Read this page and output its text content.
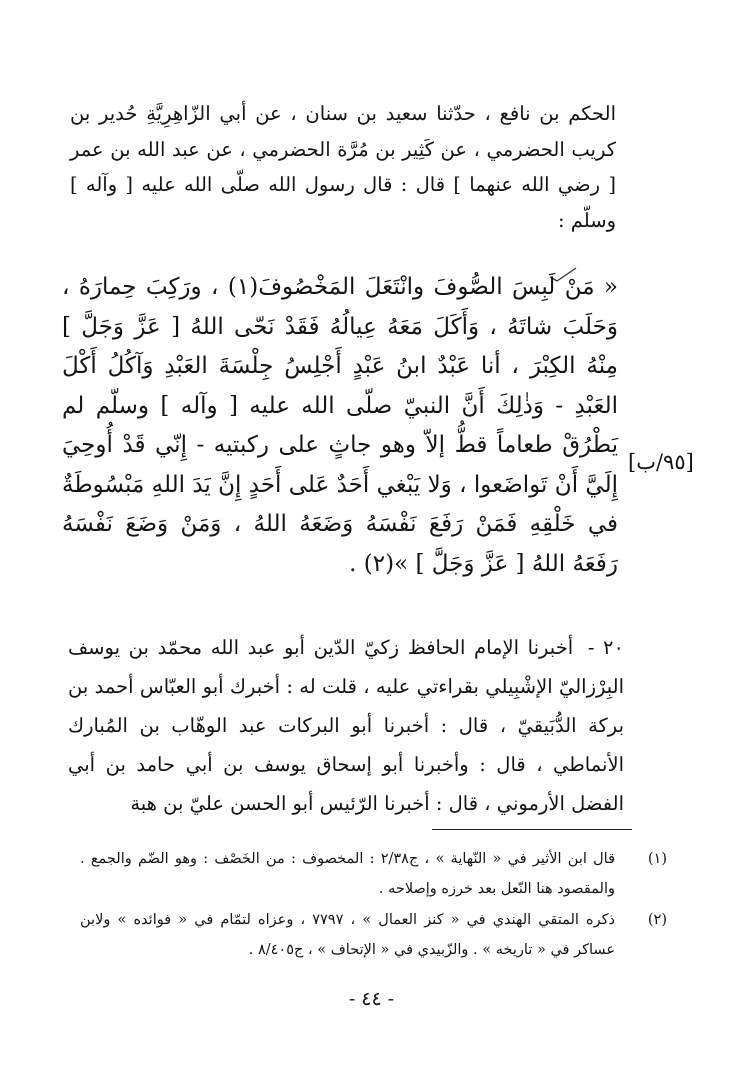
الحكم بن نافع ، حدّثنا سعيد بن سنان ، عن أبي الزّاهِرِيَّةِ حُدير بن كريب الحضرمي ، عن كَثِير بن مُرَّة الحضرمي ، عن عبد الله بن عمر [ رضي الله عنهما ] قال : قال رسول الله صلّى الله عليه [ وآله ] وسلّم :

« مَنْ لَبِسَ الصُّوفَ وانْتَعَلَ المَخْصُوفَ(١) ، ورَكِبَ حِمارَهُ ، وَحَلَبَ شاتَهُ ، وَأَكَلَ مَعَهُ عِيالُهُ فَقَدْ نَحّى اللهُ [ عَزَّ وَجَلَّ ] مِنْهُ الكِبْرَ ، أنا عَبْدٌ ابنُ عَبْدٍ أَجْلِسُ جِلْسَةَ العَبْدِ وَآكُلُ أَكْلَ العَبْدِ - وَذٰلِكَ أَنَّ النبيّ صلّى الله عليه [ وآله ] وسلّم لم يَطْرُقْ طعاماً قطُّ إلاّ وهو جاثٍ على ركبتيه - إِنّي قَدْ أُوحِيَ إِلَيَّ أَنْ تَواضَعوا ، وَلا يَبْغي أَحَدٌ عَلى أَحَدٍ إِنَّ يَدَ اللهِ مَبْسُوطَةٌ في خَلْقِهِ فَمَنْ رَفَعَ نَفْسَهُ وَضَعَهُ اللهُ ، وَمَنْ وَضَعَ نَفْسَهُ رَفَعَهُ اللهُ [ عَزَّ وَجَلَّ ] »(٢) .

[٩٥/ب]

٢٠ - أخبرنا الإمام الحافظ زكيّ الدّين أبو عبد الله محمّد بن يوسف البِرْزاليّ الإشْبِيلي بقراءتي عليه ، قلت له : أخبرك أبو العبّاس أحمد بن بركة الدُّبَيقيّ ، قال : أخبرنا أبو البركات عبد الوهّاب بن المُبارك الأنماطي ، قال : وأخبرنا أبو إسحاق يوسف بن أبي حامد بن أبي الفضل الأرموني ، قال : أخبرنا الرّئيس أبو الحسن عليّ بن هبة

(١)
قال ابن الأثير في « النّهاية » ، ج٢/٣٨ : المخصوف : من الخَصْف : وهو الضّم والجمع . والمقصود هنا النّعل بعد خرزه وإصلاحه .
(٢)
ذكره المتقي الهندي في « كنز العمال » ، ٧٧٩٧ ، وعزاه لتمّام في « فوائده » ولابن عساكر في « تاريخه » . والزّبيدي في « الإتحاف » ، ج٨/٤٠٥ .
- ٤٤ -
